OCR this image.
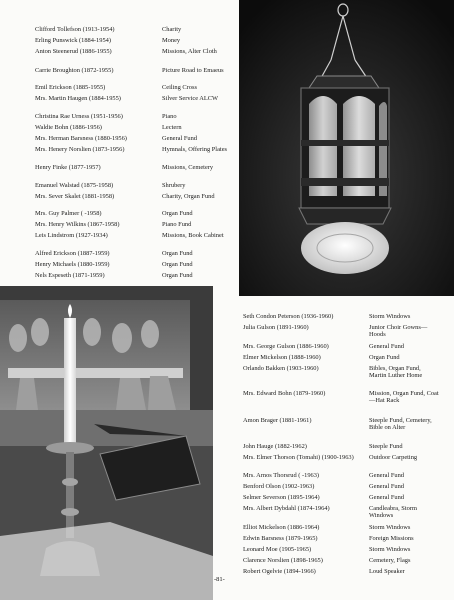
Clifford Tollefson (1913-1954)	Charity
Erling Punswick (1884-1954)	Money
Anton Steenerud (1886-1955)	Missions, Alter Cloth
Carrie Broughton (1872-1955)	Picture Road to Emaeus
Emil Erickson (1885-1955)	Ceiling Cross
Mrs. Martin Haugen (1884-1955)	Silver Service ALCW
Christina Rae Urness (1951-1956)	Piano
Waldie Bohn (1886-1956)	Lectern
Mrs. Herman Barsness (1880-1956)	General Fund
Mrs. Henery Norslien (1873-1956)	Hymnals, Offering Plates
Henry Finke (1877-1957)	Missions, Cemetery
Emanuel Walstad (1875-1958)	Shrubery
Mrs. Sever Skalet (1881-1958)	Charity, Organ Fund
Mrs. Guy Palmer ( -1958)	Organ Fund
Mrs. Henry Wilkins (1867-1958)	Piano Fund
Leis Lindstrom (1927-1934)	Missions, Book Cabinet
Alfred Erickson (1887-1959)	Organ Fund
Henry Michaels (1880-1959)	Organ Fund
Nels Espeseth (1871-1959)	Organ Fund
Seth Condon Peterson (1936-1960)	Storm Windows
Julia Gulson (1891-1960)	Junior Choir Gowns—Hoods
Mrs. George Gulson (1886-1960)	General Fund
Elmer Mickelson (1888-1960)	Organ Fund
Orlando Bakken (1903-1960)	Bibles, Organ Fund, Martin Luther Home
Mrs. Edward Bohn (1879-1960)	Mission, Organ Fund, Coat—Hat Rack
Amon Brager (1881-1961)	Steeple Fund, Cemetery, Bible on Alter
John Hauge (1882-1962)	Steeple Fund
Mrs. Elmer Thorson (Tomahi) (1900-1963) Outdoor Carpeting
Mrs. Arnos Thorsrud ( -1963)	General Fund
Benford Olson (1902-1963)	General Fund
Selmer Severson (1895-1964)	General Fund
Mrs. Albert Dybdahl (1874-1964)	Candleabra, Storm Windows
Elliot Mickelson (1886-1964)	Storm Windows
Edwin Barsness (1879-1965)	Foreign Missions
Leonard Moe (1905-1965)	Storm Windows
Clarence Norslien (1898-1965)	Cemetery, Flags
Robert Ogelvie (1894-1966)	Loud Speaker
-81-
